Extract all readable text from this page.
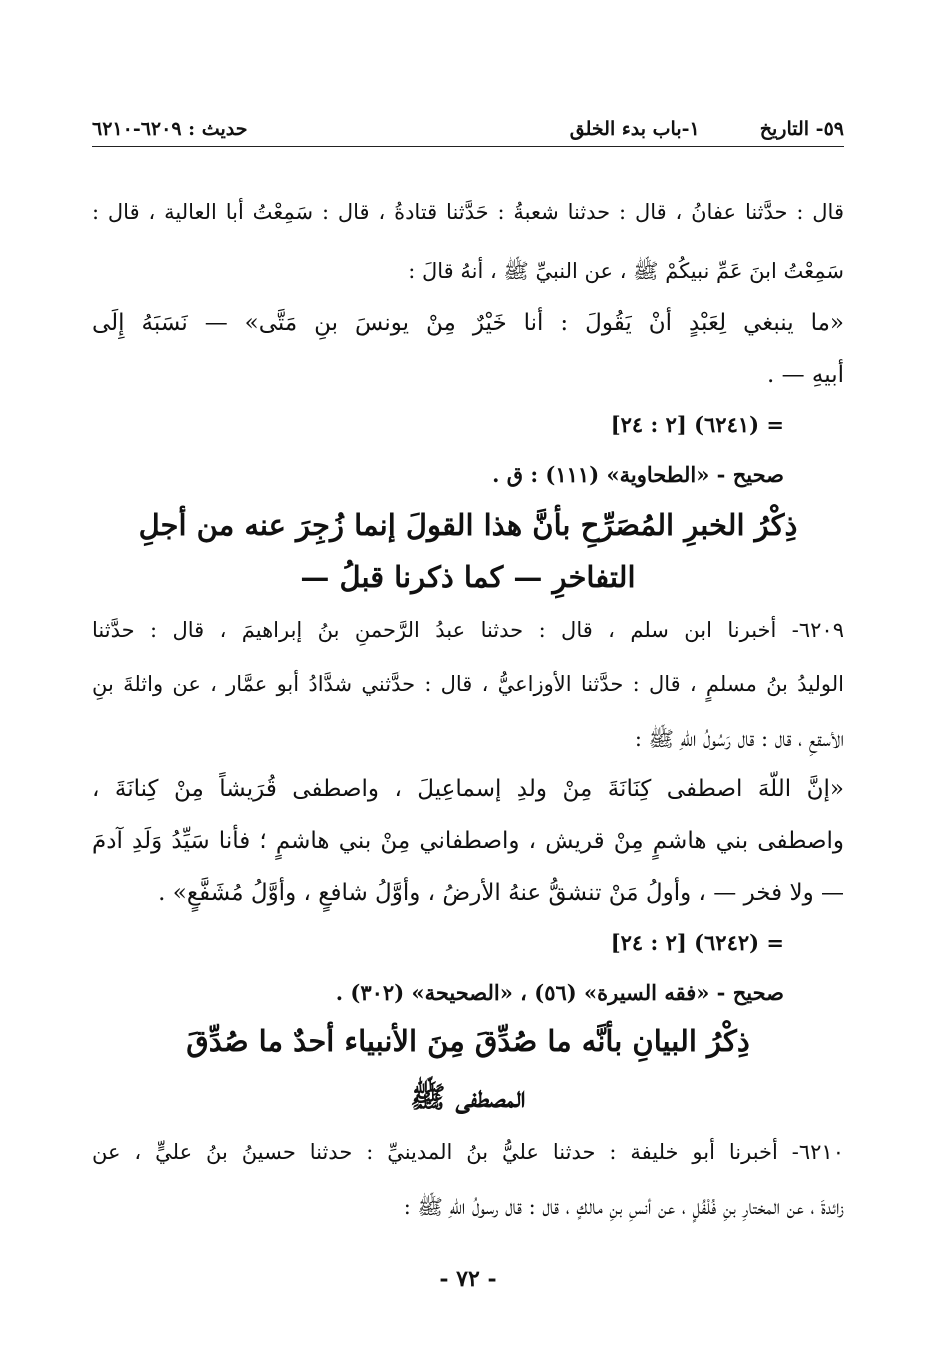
٥٩- التاريخ
١-باب بدء الخلق
حديث : ٦٢٠٩-٦٢١٠
قال : حدَّثنا عفانُ ، قال : حدثنا شعبةُ : حَدَّثنا قتادةُ ، قال : سَمِعْتُ أبا العالية ، قال :
سَمِعْتُ ابنَ عَمِّ نبيكُمْ ﷺ ، عن النبيِّ ﷺ ، أنهُ قالَ :
«ما ينبغي لِعَبْدٍ أنْ يَقُولَ : أنا خَيْرٌ مِنْ يونسَ بنِ مَتَّى» — نَسَبَهُ إِلَى
أبيهِ — .
= (٦٢٤١) [٢ : ٢٤]
صحيح - «الطحاوية» (١١١) : ق .
ذِكْرُ الخبرِ المُصَرِّحِ بأنَّ هذا القولَ إنما زُجِرَ عنه من أجلِ
التفاخرِ — كما ذكرنا قبلُ —
٦٢٠٩- أخبرنا ابن سلم ، قال : حدثنا عبدُ الرَّحمنِ بنُ إبراهيمَ ، قال : حدَّثنا
الوليدُ بنُ مسلمٍ ، قال : حدَّثنا الأوزاعيُّ ، قال : حدَّثني شدَّادُ أبو عمَّار ، عن واثلةَ بنِ
الأسقعِ ، قال : قال رَسُولُ اللّهِ ﷺ :
«إنَّ اللّهَ اصطفى كِنَانَةَ مِنْ ولدِ إسماعِيلَ ، واصطفى قُرَيشاً مِنْ كِنانَةَ ،
واصطفى بني هاشمٍ مِنْ قريش ، واصطفاني مِنْ بني هاشمٍ ؛ فأنا سَيِّدُ وَلَدِ آدمَ
— ولا فخر — ، وأولُ مَنْ تنشقُّ عنهُ الأرضُ ، وأوَّلُ شافعٍ ، وأوَّلُ مُشَفَّعٍ» .
= (٦٢٤٢) [٢ : ٢٤]
صحيح - «فقه السيرة» (٥٦) ، «الصحيحة» (٣٠٢) .
ذِكْرُ البيانِ بأنَّه ما صُدِّقَ مِنَ الأنبياء أحدٌ ما صُدِّقَ
المصطفى ﷺ
٦٢١٠- أخبرنا أبو خليفة : حدثنا عليُّ بنُ المدينيِّ : حدثنا حسينُ بنُ عليٍّ ، عن
زائدةَ ، عن المختارِ بنِ فُلْفُلٍ ، عن أنسِ بنِ مالكٍ ، قال : قال رسولُ اللّهِ ﷺ :
- ٧٢ -
